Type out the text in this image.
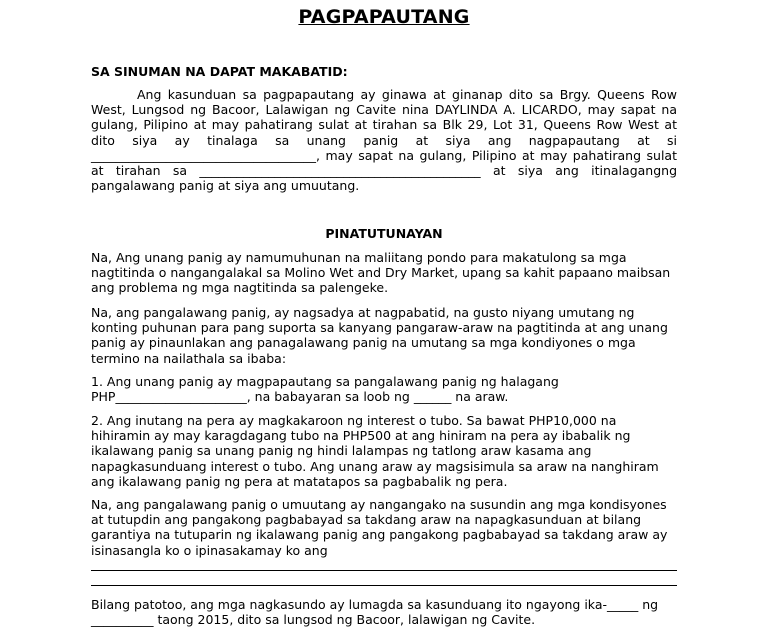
PAGPAPAUTANG
SA SINUMAN NA DAPAT MAKABATID:
Ang kasunduan sa pagpapautang ay ginawa at ginanap dito sa Brgy. Queens Row West, Lungsod ng Bacoor, Lalawigan ng Cavite nina DAYLINDA A. LICARDO, may sapat na gulang, Pilipino at may pahatirang sulat at tirahan sa Blk 29, Lot 31, Queens Row West at dito siya ay tinalaga sa unang panig at siya ang nagpapautang at si ____________________________________, may sapat na gulang, Pilipino at may pahatirang sulat at tirahan sa _____________________________________________ at siya ang itinalagangng pangalawang panig at siya ang umuutang.
PINATUTUNAYAN
Na, Ang unang panig ay namumuhunan na maliitang pondo para makatulong sa mga nagtitinda o nangangalakal sa Molino Wet and Dry Market, upang sa kahit papaano maibsan ang problema ng mga nagtitinda sa palengeke.
Na, ang pangalawang panig, ay nagsadya at nagpabatid, na gusto niyang umutang ng konting puhunan para pang suporta sa kanyang pangaraw-araw na pagtitinda at ang unang panig ay pinaunlakan ang panagalawang panig na umutang sa mga kondiyones o mga termino na nailathala sa ibaba:
1. Ang unang panig ay magpapautang sa pangalawang panig ng halagang PHP_____________________, na babayaran sa loob ng ______ na araw.
2. Ang inutang na pera ay magkakaroon ng interest o tubo. Sa bawat PHP10,000 na hihiramin ay may karagdagang tubo na PHP500 at ang hiniram na pera ay ibabalik ng ikalawang panig sa unang panig ng hindi lalampas ng tatlong araw kasama ang napagkasunduang interest o tubo. Ang unang araw ay magsisimula sa araw na nanghiram ang ikalawang panig ng pera at matatapos sa pagbabalik ng pera.
Na, ang pangalawang panig o umuutang ay nangangako na susundin ang mga kondisyones at tutupdin ang pangakong pagbabayad sa takdang araw na napagkasunduan at bilang garantiya na tutuparin ng ikalawang panig ang pangakong pagbabayad sa takdang araw ay isinasangla ko o ipinasakamay ko ang
Bilang patotoo, ang mga nagkasundo ay lumagda sa kasunduang ito ngayong ika-_____ ng __________ taong 2015, dito sa lungsod ng Bacoor, lalawigan ng Cavite.
